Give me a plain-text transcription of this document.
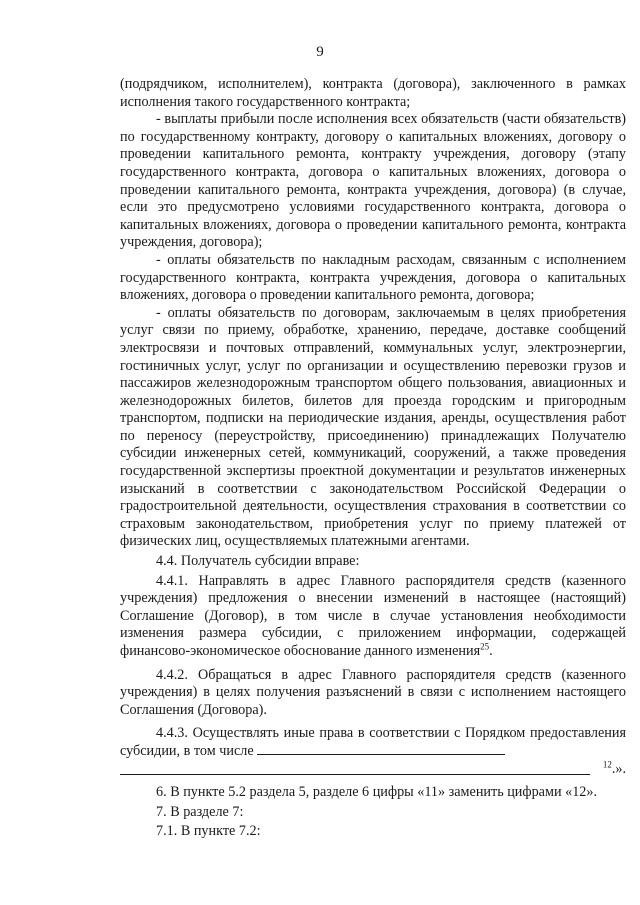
9

(подрядчиком, исполнителем), контракта (договора), заключенного в рамках исполнения такого государственного контракта;

- выплаты прибыли после исполнения всех обязательств (части обязательств) по государственному контракту, договору о капитальных вложениях, договору о проведении капитального ремонта, контракту учреждения, договору (этапу государственного контракта, договора о капитальных вложениях, договора о проведении капитального ремонта, контракта учреждения, договора) (в случае, если это предусмотрено условиями государственного контракта, договора о капитальных вложениях, договора о проведении капитального ремонта, контракта учреждения, договора);

- оплаты обязательств по накладным расходам, связанным с исполнением государственного контракта, контракта учреждения, договора о капитальных вложениях, договора о проведении капитального ремонта, договора;

- оплаты обязательств по договорам, заключаемым в целях приобретения услуг связи по приему, обработке, хранению, передаче, доставке сообщений электросвязи и почтовых отправлений, коммунальных услуг, электроэнергии, гостиничных услуг, услуг по организации и осуществлению перевозки грузов и пассажиров железнодорожным транспортом общего пользования, авиационных и железнодорожных билетов, билетов для проезда городским и пригородным транспортом, подписки на периодические издания, аренды, осуществления работ по переносу (переустройству, присоединению) принадлежащих Получателю субсидии инженерных сетей, коммуникаций, сооружений, а также проведения государственной экспертизы проектной документации и результатов инженерных изысканий в соответствии с законодательством Российской Федерации о градостроительной деятельности, осуществления страхования в соответствии со страховым законодательством, приобретения услуг по приему платежей от физических лиц, осуществляемых платежными агентами.

4.4. Получатель субсидии вправе:

4.4.1. Направлять в адрес Главного распорядителя средств (казенного учреждения) предложения о внесении изменений в настоящее (настоящий) Соглашение (Договор), в том числе в случае установления необходимости изменения размера субсидии, с приложением информации, содержащей финансово-экономическое обоснование данного изменения$^{25}$.

4.4.2. Обращаться в адрес Главного распорядителя средств (казенного учреждения) в целях получения разъяснений в связи с исполнением настоящего Соглашения (Договора).

4.4.3. Осуществлять иные права в соответствии с Порядком предоставления субсидии, в том числе

$^{12}$.».

6. В пункте 5.2 раздела 5, разделе 6 цифры «11» заменить цифрами «12».

7. В разделе 7:

7.1. В пункте 7.2:
